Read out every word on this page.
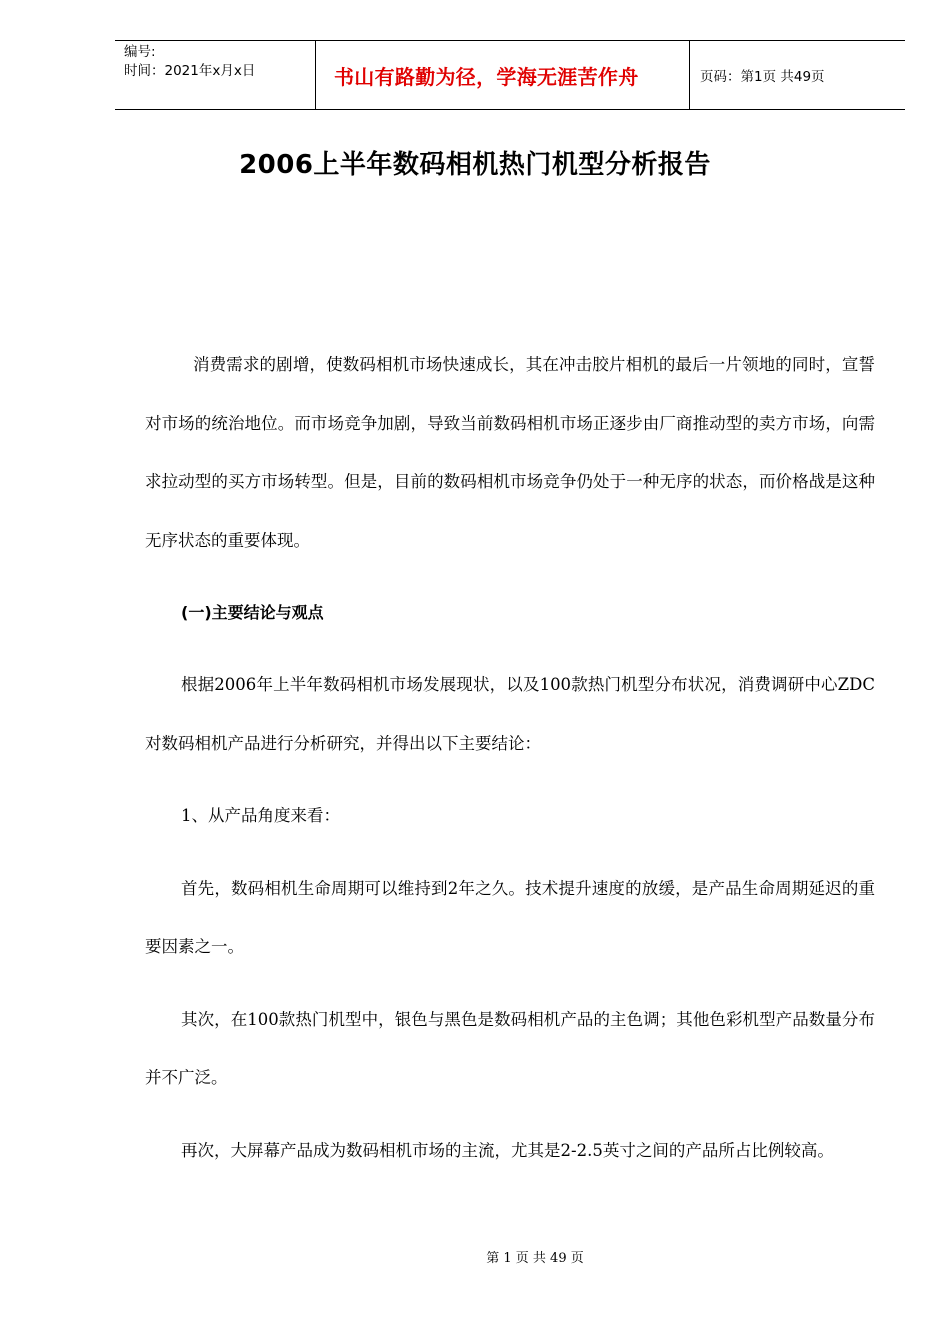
编号:
时间：2021年x月x日	书山有路勤为径，学海无涯苦作舟	页码：第1页 共49页
2006上半年数码相机热门机型分析报告

消费需求的剧增，使数码相机市场快速成长，其在冲击胶片相机的最后一片领地的同时，宣誓对市场的统治地位。而市场竞争加剧，导致当前数码相机市场正逐步由厂商推动型的卖方市场，向需求拉动型的买方市场转型。但是，目前的数码相机市场竞争仍处于一种无序的状态，而价格战是这种无序状态的重要体现。

(一)主要结论与观点

根据2006年上半年数码相机市场发展现状，以及100款热门机型分布状况，消费调研中心ZDC对数码相机产品进行分析研究，并得出以下主要结论：

1、从产品角度来看：

首先，数码相机生命周期可以维持到2年之久。技术提升速度的放缓，是产品生命周期延迟的重要因素之一。

其次，在100款热门机型中，银色与黑色是数码相机产品的主色调；其他色彩机型产品数量分布并不广泛。

再次，大屏幕产品成为数码相机市场的主流，尤其是2-2.5英寸之间的产品所占比例较高。

第 1 页 共 49 页
